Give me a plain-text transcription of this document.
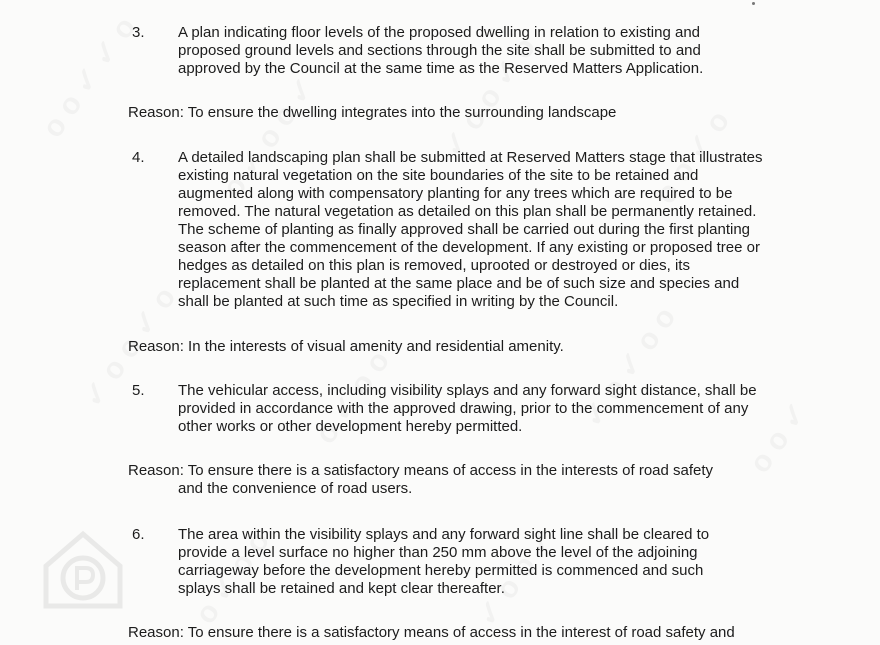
3. A plan indicating floor levels of the proposed dwelling in relation to existing and proposed ground levels and sections through the site shall be submitted to and approved by the Council at the same time as the Reserved Matters Application.

Reason: To ensure the dwelling integrates into the surrounding landscape
4. A detailed landscaping plan shall be submitted at Reserved Matters stage that illustrates existing natural vegetation on the site boundaries of the site to be retained and augmented along with compensatory planting for any trees which are required to be removed. The natural vegetation as detailed on this plan shall be permanently retained. The scheme of planting as finally approved shall be carried out during the first planting season after the commencement of the development. If any existing or proposed tree or hedges as detailed on this plan is removed, uprooted or destroyed or dies, its replacement shall be planted at the same place and be of such size and species and shall be planted at such time as specified in writing by the Council.

Reason: In the interests of visual amenity and residential amenity.
5. The vehicular access, including visibility splays and any forward sight distance, shall be provided in accordance with the approved drawing, prior to the commencement of any other works or other development hereby permitted.

Reason: To ensure there is a satisfactory means of access in the interests of road safety
and the convenience of road users.
6. The area within the visibility splays and any forward sight line shall be cleared to provide a level surface no higher than 250 mm above the level of the adjoining carriageway before the development hereby permitted is commenced and such splays shall be retained and kept clear thereafter.

Reason: To ensure there is a satisfactory means of access in the interest of road safety and
